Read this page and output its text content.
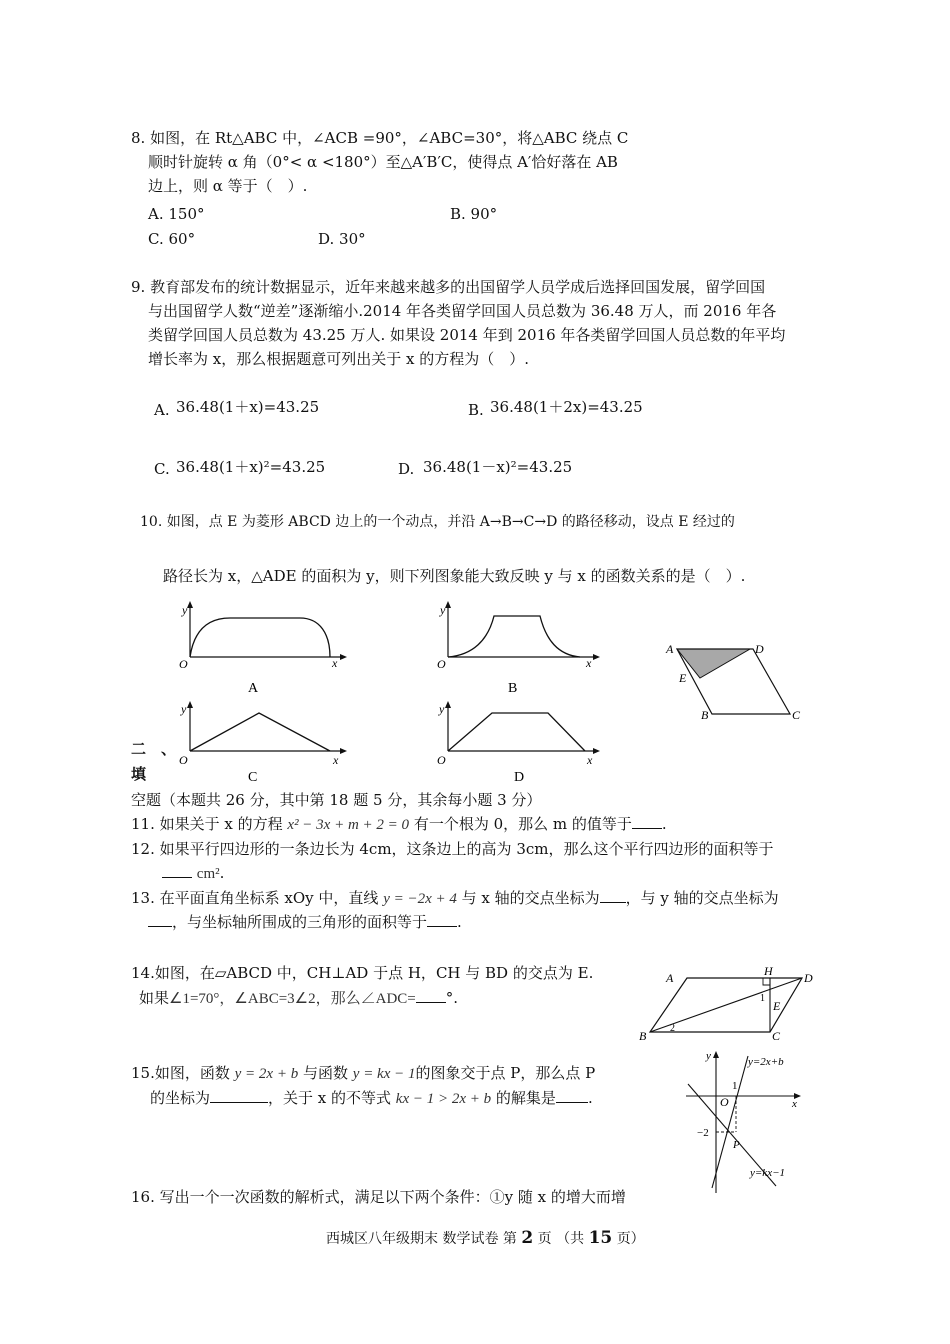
8. 如图，在 Rt△ABC 中，∠ACB =90°，∠ABC=30°，将△ABC 绕点 C
顺时针旋转 α 角（0°< α <180°）至△A′B′C，使得点 A′恰好落在 AB
边上，则 α 等于（　）.
A. 150°	B. 90°
C. 60°	D. 30°
9. 教育部发布的统计数据显示，近年来越来越多的出国留学人员学成后选择回国发展，留学回国
与出国留学人数“逆差”逐渐缩小.2014 年各类留学回国人员总数为 36.48 万人，而 2016 年各
类留学回国人员总数为 43.25 万人. 如果设 2014 年到 2016 年各类留学回国人员总数的年平均
增长率为 x，那么根据题意可列出关于 x 的方程为（　）.
A. 36.48(1＋x)=43.25	B. 36.48(1＋2x)=43.25
C. 36.48(1＋x)²=43.25	D. 36.48(1－x)²=43.25
10. 如图，点 E 为菱形 ABCD 边上的一个动点，并沿 A→B→C→D 的路径移动，设点 E 经过的
路径长为 x，△ADE 的面积为 y，则下列图象能大致反映 y 与 x 的函数关系的是（　）.
y
x
O
A
y
x
O
B
y
x
O
C
y
x
O
D
A	D
E
B	C
二 、
填
空题（本题共 26 分，其中第 18 题 5 分，其余每小题 3 分）
11. 如果关于 x 的方程 x² − 3x + m + 2 = 0 有一个根为 0，那么 m 的值等于 .
12. 如果平行四边形的一条边长为 4cm，这条边上的高为 3cm，那么这个平行四边形的面积等于
cm².
13. 在平面直角坐标系 xOy 中，直线 y = −2x + 4 与 x 轴的交点坐标为 ，与 y 轴的交点坐标为
，与坐标轴所围成的三角形的面积等于 .
14.如图，在▱ABCD 中，CH⊥AD 于点 H，CH 与 BD 的交点为 E.
如果∠1=70°，∠ABC=3∠2，那么∠ADC= °.
A	H	D
E
1
2
B	C
15.如图，函数 y = 2x + b 与函数 y = kx − 1的图象交于点 P，那么点 P
的坐标为	，关于 x 的不等式 kx − 1 > 2x + b 的解集是 .
y
x
O
1
−2
P
y=2x+b
y=kx−1
16. 写出一个一次函数的解析式，满足以下两个条件：①y 随 x 的增大而增
西城区八年级期末 数学试卷 第 2 页 （共 15 页）
